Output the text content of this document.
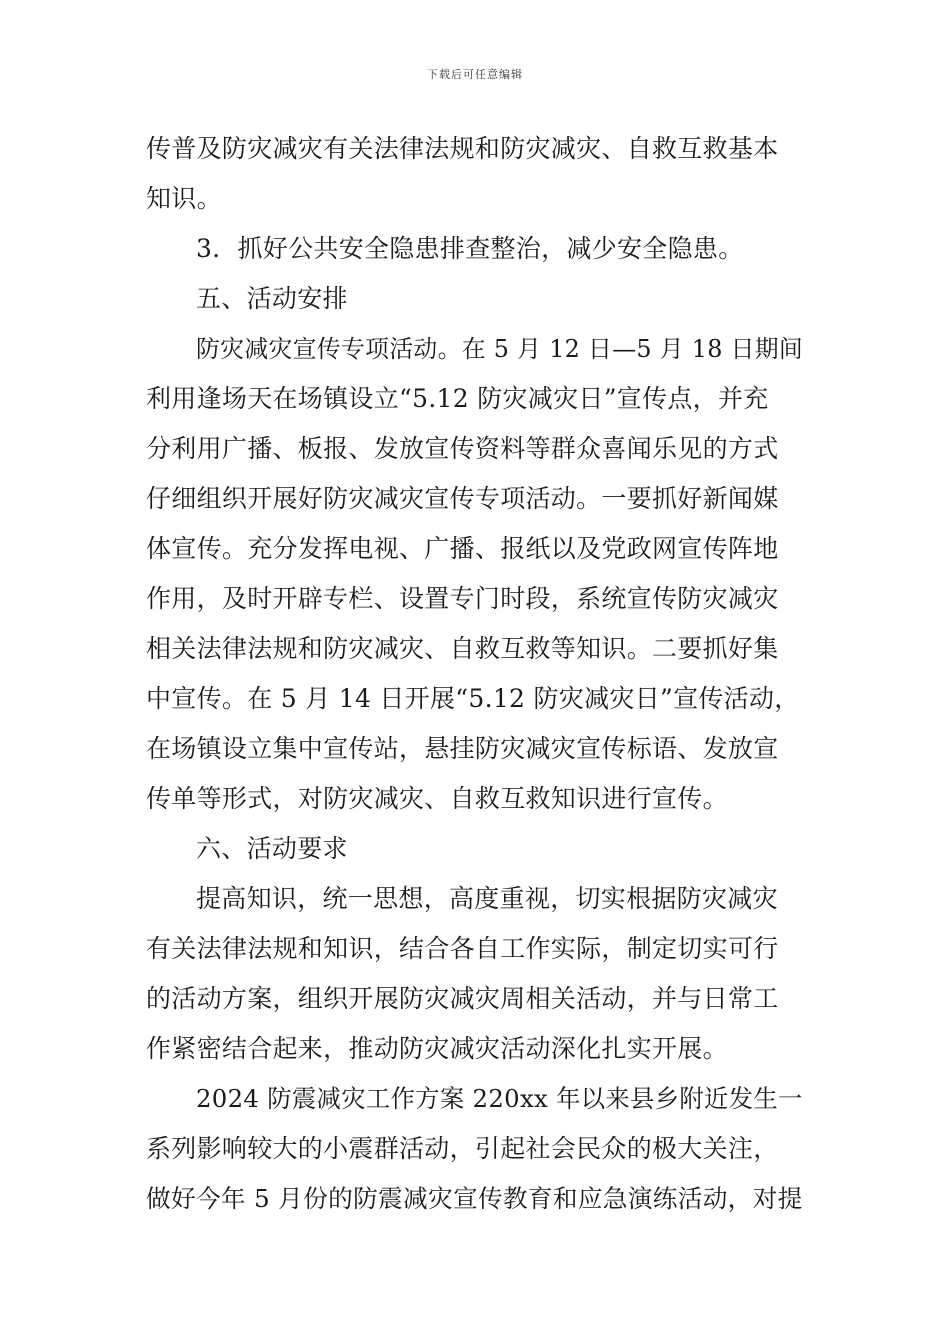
下载后可任意编辑
传普及防灾减灾有关法律法规和防灾减灾、自救互救基本
知识。
3．抓好公共安全隐患排查整治，减少安全隐患。
五、活动安排
防灾减灾宣传专项活动。在 5 月 12 日—5 月 18 日期间
利用逢场天在场镇设立“5.12 防灾减灾日”宣传点，并充
分利用广播、板报、发放宣传资料等群众喜闻乐见的方式
仔细组织开展好防灾减灾宣传专项活动。一要抓好新闻媒
体宣传。充分发挥电视、广播、报纸以及党政网宣传阵地
作用，及时开辟专栏、设置专门时段，系统宣传防灾减灾
相关法律法规和防灾减灾、自救互救等知识。二要抓好集
中宣传。在 5 月 14 日开展“5.12 防灾减灾日”宣传活动，
在场镇设立集中宣传站，悬挂防灾减灾宣传标语、发放宣
传单等形式，对防灾减灾、自救互救知识进行宣传。
六、活动要求
提高知识，统一思想，高度重视，切实根据防灾减灾
有关法律法规和知识，结合各自工作实际，制定切实可行
的活动方案，组织开展防灾减灾周相关活动，并与日常工
作紧密结合起来，推动防灾减灾活动深化扎实开展。
2024 防震减灾工作方案 220xx 年以来县乡附近发生一
系列影响较大的小震群活动，引起社会民众的极大关注，
做好今年 5 月份的防震减灾宣传教育和应急演练活动，对提
